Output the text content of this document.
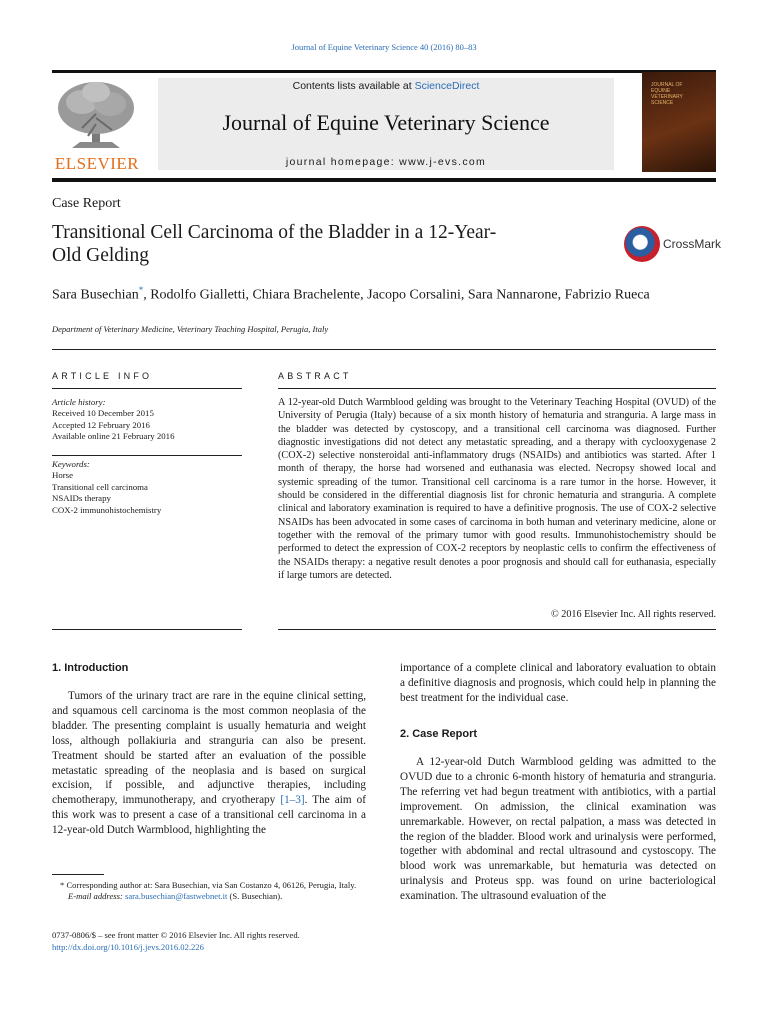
Journal of Equine Veterinary Science 40 (2016) 80–83
ELSEVIER
Contents lists available at ScienceDirect
Journal of Equine Veterinary Science
journal homepage: www.j-evs.com
JOURNAL OF EQUINE VETERINARY SCIENCE
Case Report
Transitional Cell Carcinoma of the Bladder in a 12-Year-Old Gelding
CrossMark
Sara Busechian*, Rodolfo Gialletti, Chiara Brachelente, Jacopo Corsalini, Sara Nannarone, Fabrizio Rueca
Department of Veterinary Medicine, Veterinary Teaching Hospital, Perugia, Italy
ARTICLE INFO
Article history:
Received 10 December 2015
Accepted 12 February 2016
Available online 21 February 2016
Keywords:
Horse
Transitional cell carcinoma
NSAIDs therapy
COX-2 immunohistochemistry
ABSTRACT
A 12-year-old Dutch Warmblood gelding was brought to the Veterinary Teaching Hospital (OVUD) of the University of Perugia (Italy) because of a six month history of hematuria and stranguria. A large mass in the bladder was detected by cystoscopy, and a transitional cell carcinoma was diagnosed. Further diagnostic investigations did not detect any metastatic spreading, and a therapy with cyclooxygenase 2 (COX-2) selective nonsteroidal anti-inflammatory drugs (NSAIDs) and antibiotics was started. After 1 month of therapy, the horse had worsened and euthanasia was elected. Necropsy showed local and systemic spreading of the tumor. Transitional cell carcinoma is a rare tumor in the horse. However, it should be considered in the differential diagnosis list for chronic hematuria and stranguria. A complete clinical and laboratory examination is required to have a definitive prognosis. The use of COX-2 selective NSAIDs has been advocated in some cases of carcinoma in both human and veterinary medicine, alone or together with the removal of the primary tumor with good results. Immunohistochemistry should be performed to detect the expression of COX-2 receptors by neoplastic cells to confirm the effectiveness of the NSAIDs therapy: a negative result denotes a poor prognosis and should call for euthanasia, especially if large tumors are detected.
© 2016 Elsevier Inc. All rights reserved.
1. Introduction

Tumors of the urinary tract are rare in the equine clinical setting, and squamous cell carcinoma is the most common neoplasia of the bladder. The presenting complaint is usually hematuria and weight loss, although pollakiuria and stranguria can also be present. Treatment should be started after an evaluation of the possible metastatic spreading of the neoplasia and is based on surgical excision, if possible, and adjunctive therapies, including chemotherapy, immunotherapy, and cryotherapy [1–3]. The aim of this work was to present a case of a transitional cell carcinoma in a 12-year-old Dutch Warmblood, highlighting the

importance of a complete clinical and laboratory evaluation to obtain a definitive diagnosis and prognosis, which could help in planning the best treatment for the individual case.

2. Case Report

A 12-year-old Dutch Warmblood gelding was admitted to the OVUD due to a chronic 6-month history of hematuria and stranguria. The referring vet had begun treatment with antibiotics, with a partial improvement. On admission, the clinical examination was unremarkable. However, on rectal palpation, a mass was detected in the region of the bladder. Blood work and urinalysis were performed, together with abdominal and rectal ultrasound and cystoscopy. The blood work was unremarkable, but hematuria was detected on urinalysis and Proteus spp. was found on urine bacteriological examination. The ultrasound evaluation of the

* Corresponding author at: Sara Busechian, via San Costanzo 4, 06126, Perugia, Italy.
E-mail address: sara.busechian@fastwebnet.it (S. Busechian).
0737-0806/$ – see front matter © 2016 Elsevier Inc. All rights reserved.
http://dx.doi.org/10.1016/j.jevs.2016.02.226
